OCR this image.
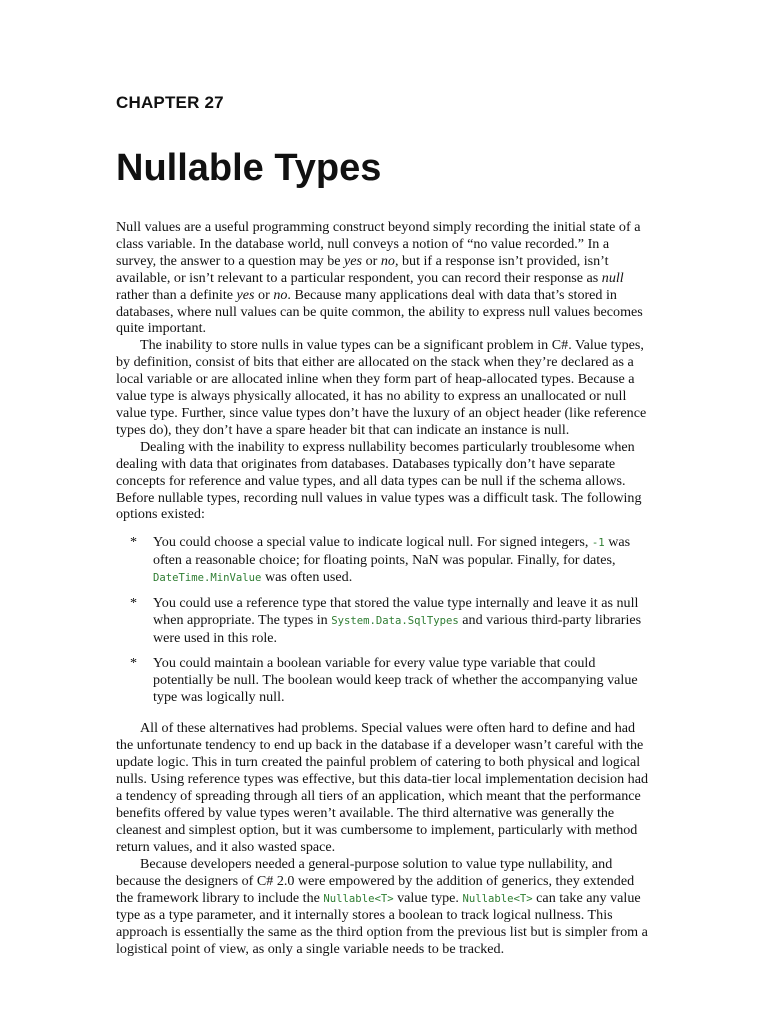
CHAPTER 27
Nullable Types

Null values are a useful programming construct beyond simply recording the initial state of a class variable. In the database world, null conveys a notion of “no value recorded.” In a survey, the answer to a question may be yes or no, but if a response isn’t provided, isn’t available, or isn’t relevant to a particular respondent, you can record their response as null rather than a definite yes or no. Because many applications deal with data that’s stored in databases, where null values can be quite common, the ability to express null values becomes quite important.

The inability to store nulls in value types can be a significant problem in C#. Value types, by definition, consist of bits that either are allocated on the stack when they’re declared as a local variable or are allocated inline when they form part of heap-allocated types. Because a value type is always physically allocated, it has no ability to express an unallocated or null value type. Further, since value types don’t have the luxury of an object header (like reference types do), they don’t have a spare header bit that can indicate an instance is null.

Dealing with the inability to express nullability becomes particularly troublesome when dealing with data that originates from databases. Databases typically don’t have separate concepts for reference and value types, and all data types can be null if the schema allows. Before nullable types, recording null values in value types was a difficult task. The following options existed:

* You could choose a special value to indicate logical null. For signed integers, -1 was often a reasonable choice; for floating points, NaN was popular. Finally, for dates, DateTime.MinValue was often used.
* You could use a reference type that stored the value type internally and leave it as null when appropriate. The types in System.Data.SqlTypes and various third-party libraries were used in this role.
* You could maintain a boolean variable for every value type variable that could potentially be null. The boolean would keep track of whether the accompanying value type was logically null.

All of these alternatives had problems. Special values were often hard to define and had the unfortunate tendency to end up back in the database if a developer wasn’t careful with the update logic. This in turn created the painful problem of catering to both physical and logical nulls. Using reference types was effective, but this data-tier local implementation decision had a tendency of spreading through all tiers of an application, which meant that the performance benefits offered by value types weren’t available. The third alternative was generally the cleanest and simplest option, but it was cumbersome to implement, particularly with method return values, and it also wasted space.

Because developers needed a general-purpose solution to value type nullability, and because the designers of C# 2.0 were empowered by the addition of generics, they extended the framework library to include the Nullable<T> value type. Nullable<T> can take any value type as a type parameter, and it internally stores a boolean to track logical nullness. This approach is essentially the same as the third option from the previous list but is simpler from a logistical point of view, as only a single variable needs to be tracked.
